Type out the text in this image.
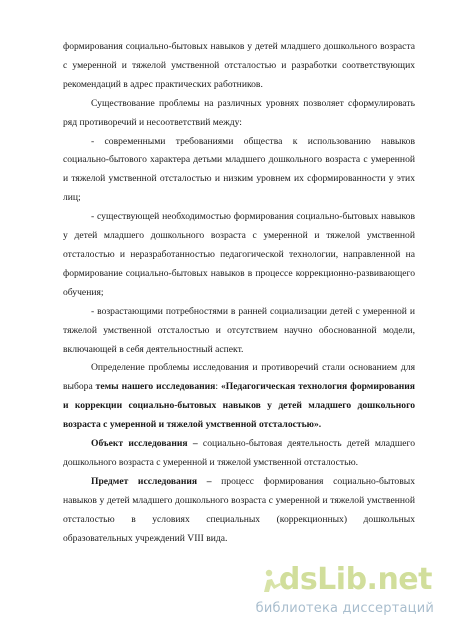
формирования социально-бытовых навыков у детей младшего дошкольного возраста с умеренной и тяжелой умственной отсталостью и разработки соответствующих рекомендаций в адрес практических работников.

Существование проблемы на различных уровнях позволяет сформулировать ряд противоречий и несоответствий между:

- современными требованиями общества к использованию навыков социально-бытового характера детьми младшего дошкольного возраста с умеренной и тяжелой умственной отсталостью и низким уровнем их сформированности у этих лиц;

- существующей необходимостью формирования социально-бытовых навыков у детей младшего дошкольного возраста с умеренной и тяжелой умственной отсталостью и неразработанностью педагогической технологии, направленной на формирование социально-бытовых навыков в процессе коррекционно-развивающего обучения;

- возрастающими потребностями в ранней социализации детей с умеренной и тяжелой умственной отсталостью и отсутствием научно обоснованной модели, включающей в себя деятельностный аспект.

Определение проблемы исследования и противоречий стали основанием для выбора темы нашего исследования: «Педагогическая технология формирования и коррекции социально-бытовых навыков у детей младшего дошкольного возраста с умеренной и тяжелой умственной отсталостью».

Объект исследования – социально-бытовая деятельность детей младшего дошкольного возраста с умеренной и тяжелой умственной отсталостью.

Предмет исследования – процесс формирования социально-бытовых навыков у детей младшего дошкольного возраста с умеренной и тяжелой умственной отсталостью в условиях специальных (коррекционных) дошкольных образовательных учреждений VIII вида.

dsLib.net
библиотека диссертаций
